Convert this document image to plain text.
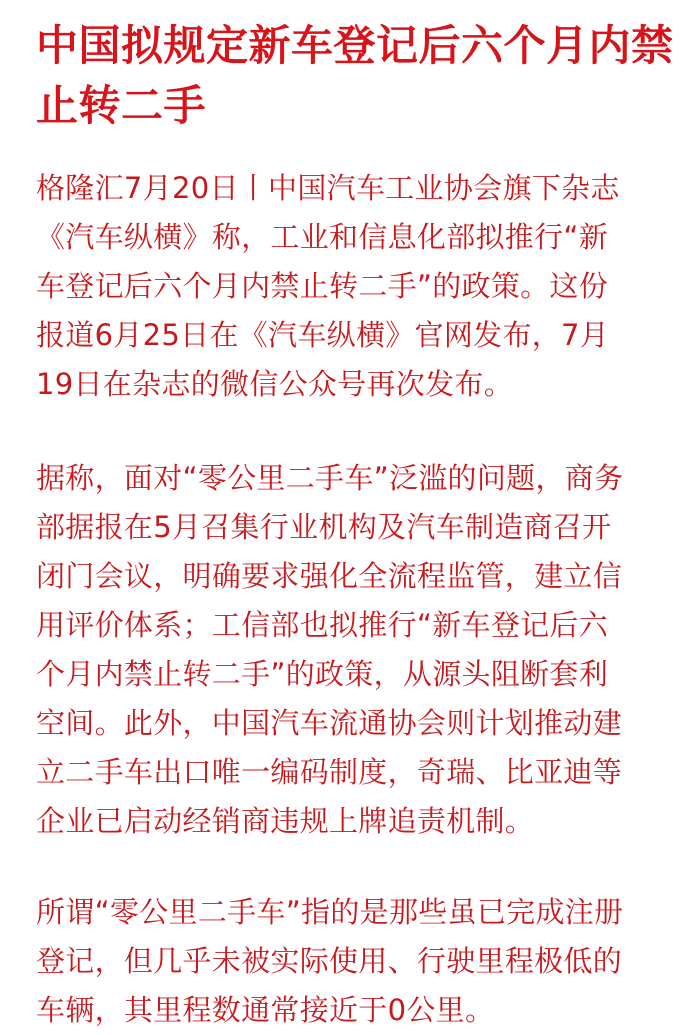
中国拟规定新车登记后六个月内禁
止转二手
格隆汇7月20日丨中国汽车工业协会旗下杂志
《汽车纵横》称，工业和信息化部拟推行“新
车登记后六个月内禁止转二手”的政策。这份
报道6月25日在《汽车纵横》官网发布，7月
19日在杂志的微信公众号再次发布。
据称，面对“零公里二手车”泛滥的问题，商务
部据报在5月召集行业机构及汽车制造商召开
闭门会议，明确要求强化全流程监管，建立信
用评价体系；工信部也拟推行“新车登记后六
个月内禁止转二手”的政策，从源头阻断套利
空间。此外，中国汽车流通协会则计划推动建
立二手车出口唯一编码制度，奇瑞、比亚迪等
企业已启动经销商违规上牌追责机制。
所谓“零公里二手车”指的是那些虽已完成注册
登记，但几乎未被实际使用、行驶里程极低的
车辆，其里程数通常接近于0公里。
